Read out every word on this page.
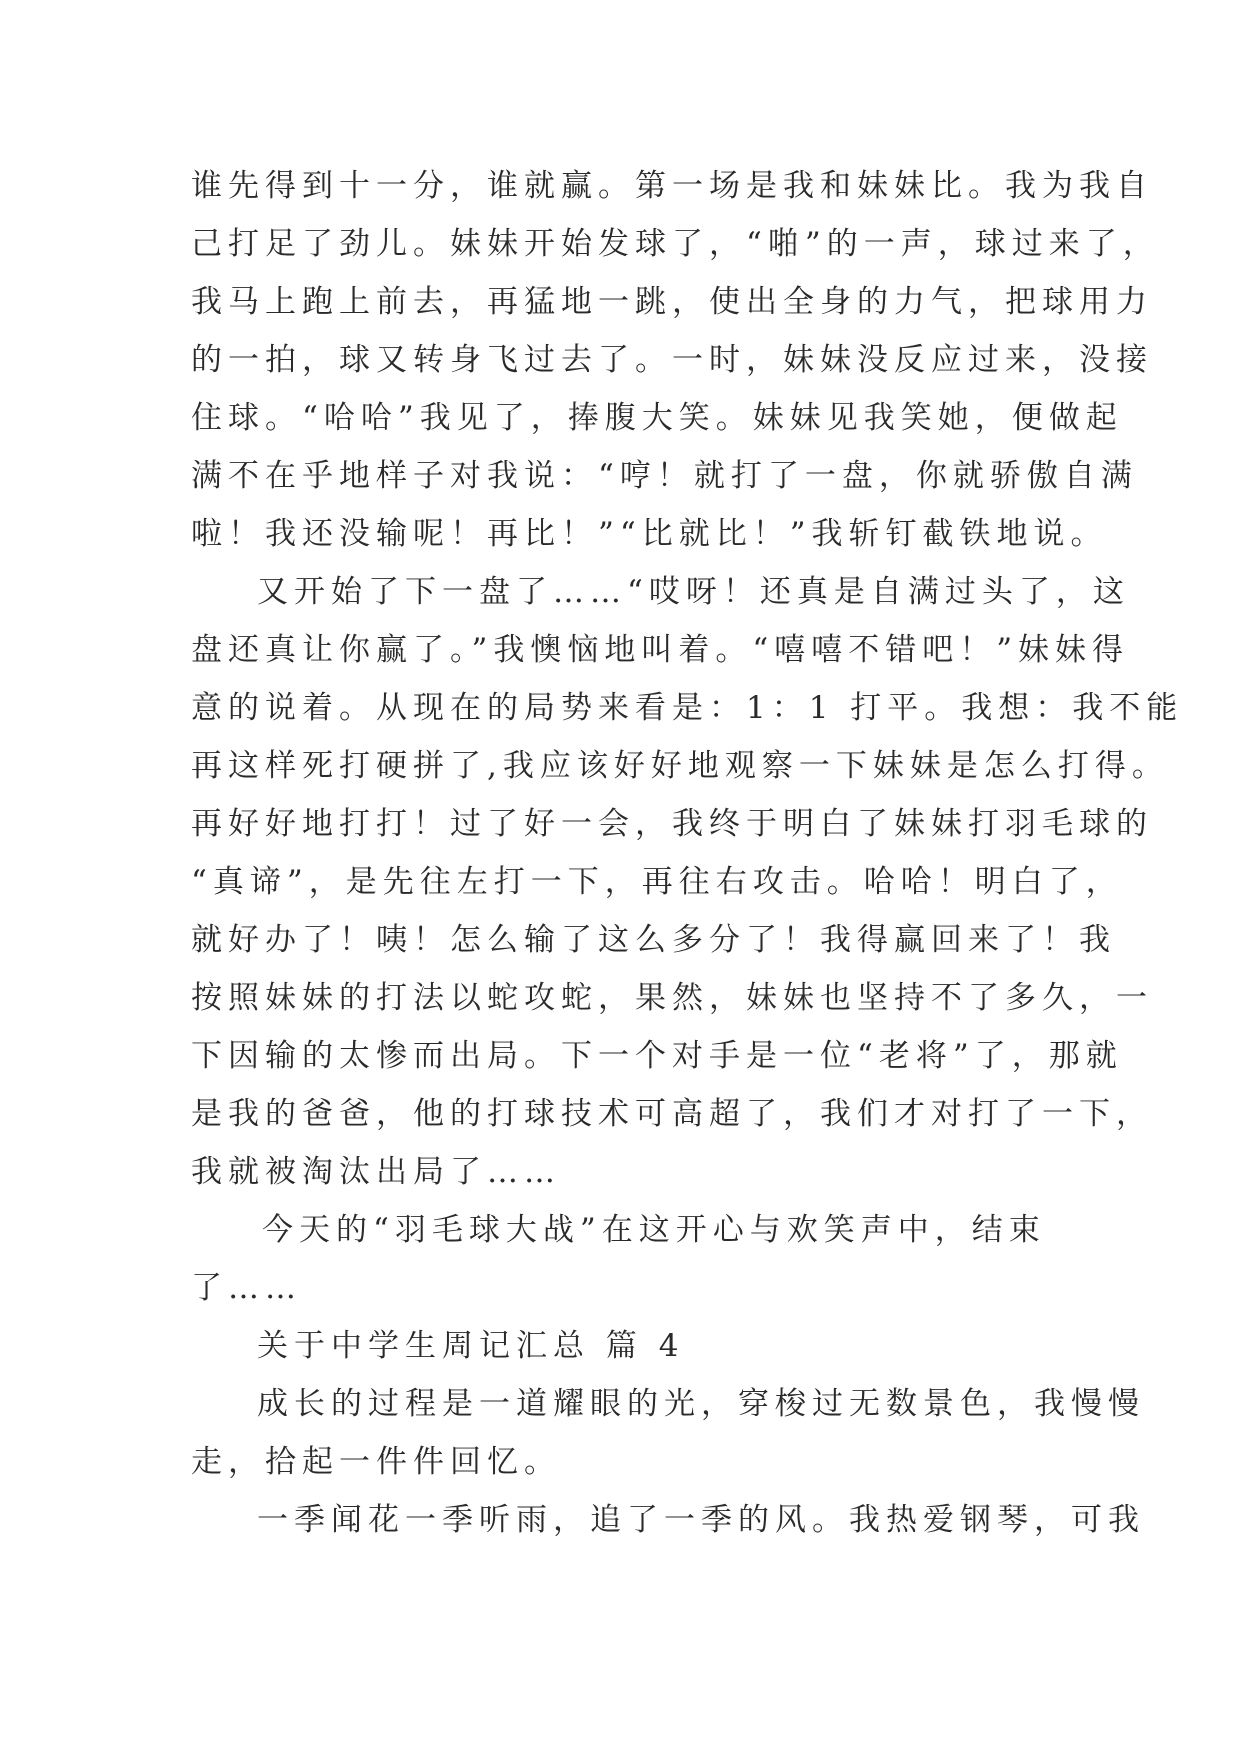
谁先得到十一分，谁就赢。第一场是我和妹妹比。我为我自
己打足了劲儿。妹妹开始发球了，“啪”的一声，球过来了，
我马上跑上前去，再猛地一跳，使出全身的力气，把球用力
的一拍，球又转身飞过去了。一时，妹妹没反应过来，没接
住球。“哈哈”我见了，捧腹大笑。妹妹见我笑她，便做起
满不在乎地样子对我说：“哼！就打了一盘，你就骄傲自满
啦！我还没输呢！再比！”“比就比！”我斩钉截铁地说。
又开始了下一盘了……“哎呀！还真是自满过头了，这
盘还真让你赢了。”我懊恼地叫着。“嘻嘻不错吧！”妹妹得
意的说着。从现在的局势来看是：1：1 打平。我想：我不能
再这样死打硬拼了,我应该好好地观察一下妹妹是怎么打得。
再好好地打打！过了好一会，我终于明白了妹妹打羽毛球的
“真谛”，是先往左打一下，再往右攻击。哈哈！明白了，
就好办了！咦！怎么输了这么多分了！我得赢回来了！我
按照妹妹的打法以蛇攻蛇，果然，妹妹也坚持不了多久，一
下因输的太惨而出局。下一个对手是一位“老将”了，那就
是我的爸爸，他的打球技术可高超了，我们才对打了一下，
我就被淘汰出局了……
今天的“羽毛球大战”在这开心与欢笑声中，结束
了……
关于中学生周记汇总 篇 4
成长的过程是一道耀眼的光，穿梭过无数景色，我慢慢
走，拾起一件件回忆。
一季闻花一季听雨，追了一季的风。我热爱钢琴，可我
